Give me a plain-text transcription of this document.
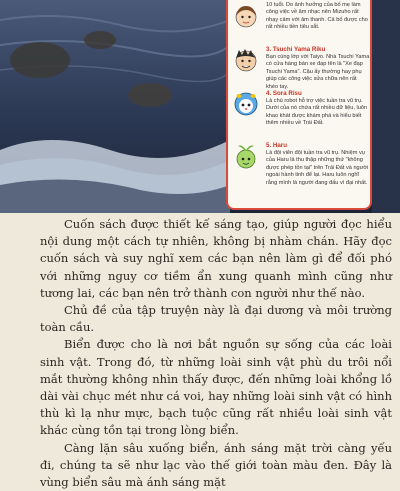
10 tuổi. Do ảnh hưởng của bố mẹ làm công việc về âm nhạc nên Mizuho rất nhạy cảm với âm thanh. Cả bố được cho rất nhiều tiền tiêu sắt.
3. Tsuchi Yama Riku
Bạn cùng lớp với Taiyo. Nhà Tsuchi Yama có cửa hàng bán xe đạp tên là "Xe đạp Tsuchi Yama". Cậu ấy thường hay phụ giúp các công việc sửa chữa nên rất khéo tay.
4. Sora Risu
Là chú robot hỗ trợ việc tuần tra vũ trụ. Dưới của nó chứa rất nhiều dữ liệu, luôn khao khát được khám phá và hiểu biết thêm nhiều về Trái Đất.
5. Haru
Là đội viên đội tuần tra vũ trụ. Nhiệm vụ của Haru là thu thập những thứ "không được phép tồn tại" trên Trái Đất và người ngoài hành tinh để lại. Haru luôn nghĩ rằng mình là người đang đấu vì đại nhất.

Cuốn sách được thiết kế sáng tạo, giúp người đọc hiểu nội dung một cách tự nhiên, không bị nhàm chán. Hãy đọc cuốn sách và suy nghĩ xem các bạn nên làm gì để đối phó với những nguy cơ tiềm ẩn xung quanh mình cũng như tương lai, các bạn nên trở thành con người như thế nào.

Chủ đề của tập truyện này là đại dương và môi trường toàn cầu.

Biển được cho là nơi bắt nguồn sự sống của các loài sinh vật. Trong đó, từ những loài sinh vật phù du trôi nổi mắt thường không nhìn thấy được, đến những loài khổng lồ dài vài chục mét như cá voi, hay những loài sinh vật có hình thù kì lạ như mực, bạch tuộc cũng rất nhiều loài sinh vật khác cùng tồn tại trong lòng biển.

Càng lặn sâu xuống biển, ánh sáng mặt trời càng yếu đi, chúng ta sẽ như lạc vào thế giới toàn màu đen. Đây là vùng biển sâu mà ánh sáng mặt
